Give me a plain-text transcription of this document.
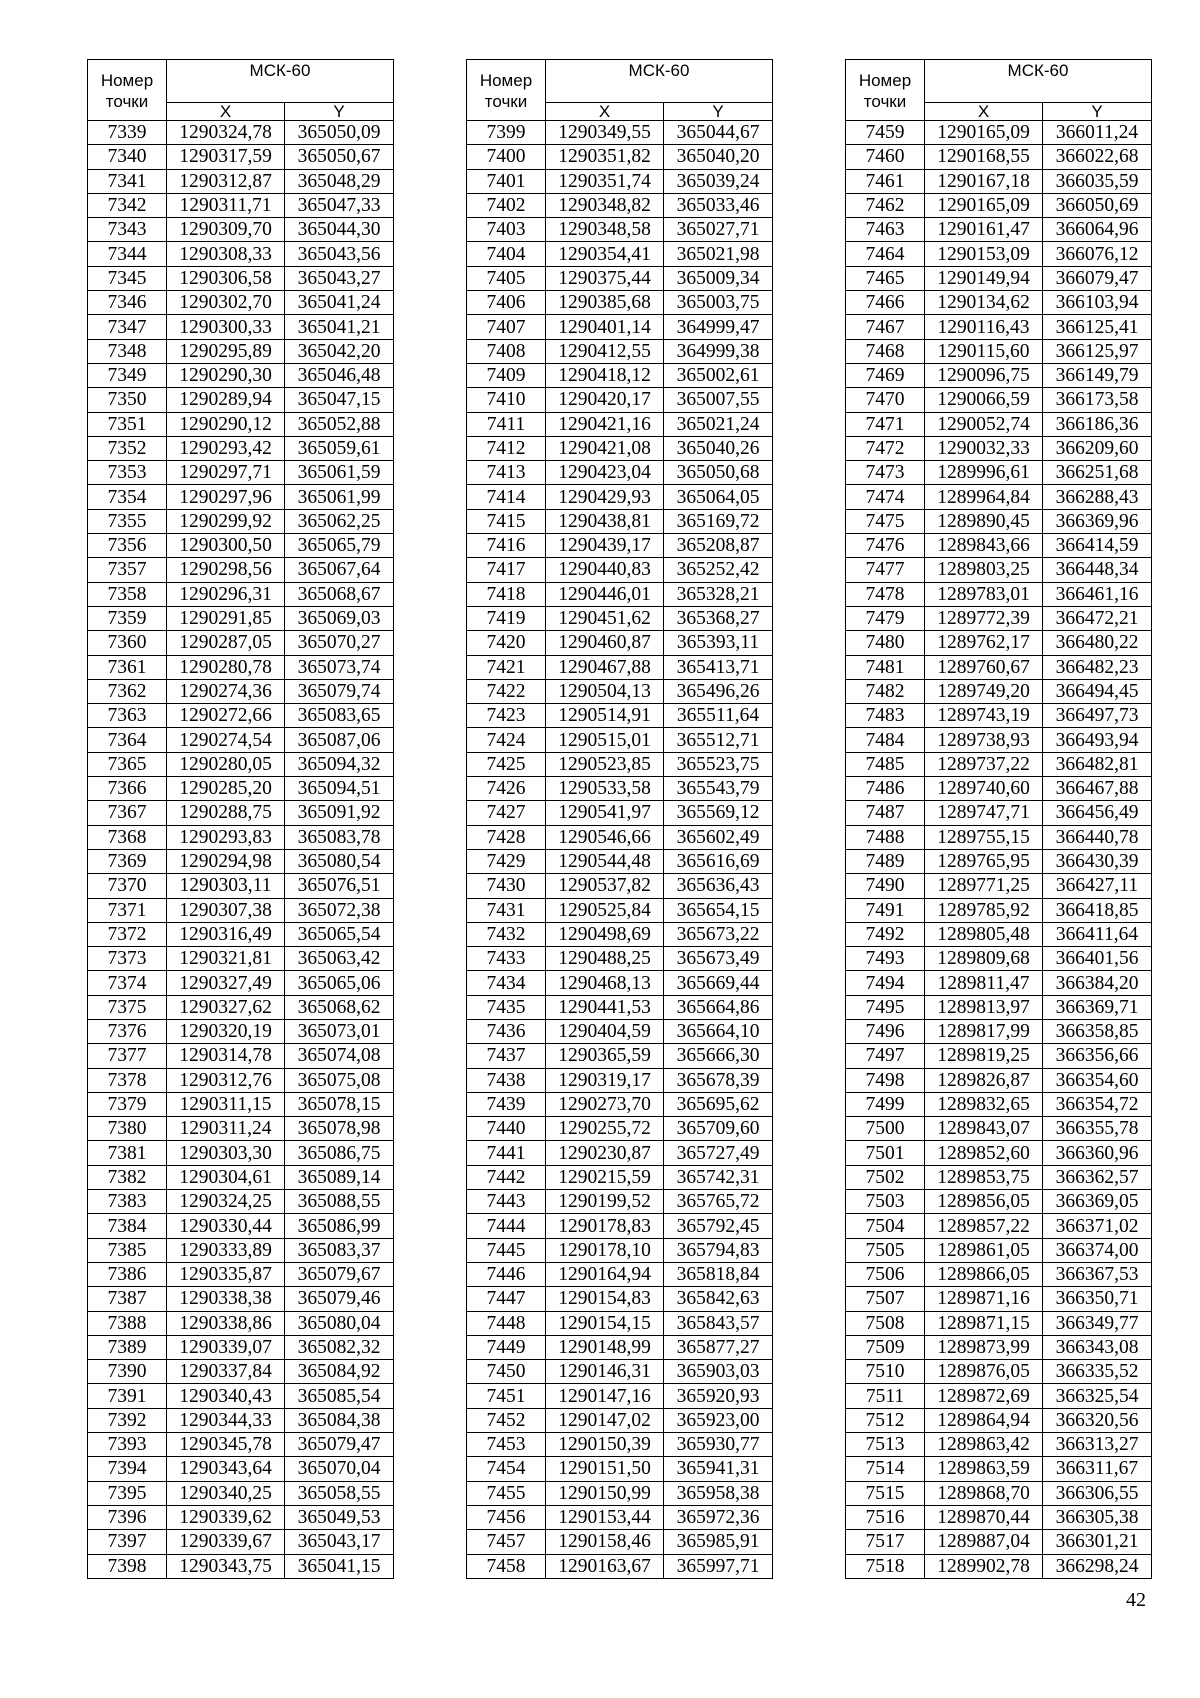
Номер
точки	МСК-60	
	X	Y
7339	1290324,78	365050,09
7340	1290317,59	365050,67
7341	1290312,87	365048,29
7342	1290311,71	365047,33
7343	1290309,70	365044,30
7344	1290308,33	365043,56
7345	1290306,58	365043,27
7346	1290302,70	365041,24
7347	1290300,33	365041,21
7348	1290295,89	365042,20
7349	1290290,30	365046,48
7350	1290289,94	365047,15
7351	1290290,12	365052,88
7352	1290293,42	365059,61
7353	1290297,71	365061,59
7354	1290297,96	365061,99
7355	1290299,92	365062,25
7356	1290300,50	365065,79
7357	1290298,56	365067,64
7358	1290296,31	365068,67
7359	1290291,85	365069,03
7360	1290287,05	365070,27
7361	1290280,78	365073,74
7362	1290274,36	365079,74
7363	1290272,66	365083,65
7364	1290274,54	365087,06
7365	1290280,05	365094,32
7366	1290285,20	365094,51
7367	1290288,75	365091,92
7368	1290293,83	365083,78
7369	1290294,98	365080,54
7370	1290303,11	365076,51
7371	1290307,38	365072,38
7372	1290316,49	365065,54
7373	1290321,81	365063,42
7374	1290327,49	365065,06
7375	1290327,62	365068,62
7376	1290320,19	365073,01
7377	1290314,78	365074,08
7378	1290312,76	365075,08
7379	1290311,15	365078,15
7380	1290311,24	365078,98
7381	1290303,30	365086,75
7382	1290304,61	365089,14
7383	1290324,25	365088,55
7384	1290330,44	365086,99
7385	1290333,89	365083,37
7386	1290335,87	365079,67
7387	1290338,38	365079,46
7388	1290338,86	365080,04
7389	1290339,07	365082,32
7390	1290337,84	365084,92
7391	1290340,43	365085,54
7392	1290344,33	365084,38
7393	1290345,78	365079,47
7394	1290343,64	365070,04
7395	1290340,25	365058,55
7396	1290339,62	365049,53
7397	1290339,67	365043,17
7398	1290343,75	365041,15
Номер
точки	МСК-60	
	X	Y
7399	1290349,55	365044,67
7400	1290351,82	365040,20
7401	1290351,74	365039,24
7402	1290348,82	365033,46
7403	1290348,58	365027,71
7404	1290354,41	365021,98
7405	1290375,44	365009,34
7406	1290385,68	365003,75
7407	1290401,14	364999,47
7408	1290412,55	364999,38
7409	1290418,12	365002,61
7410	1290420,17	365007,55
7411	1290421,16	365021,24
7412	1290421,08	365040,26
7413	1290423,04	365050,68
7414	1290429,93	365064,05
7415	1290438,81	365169,72
7416	1290439,17	365208,87
7417	1290440,83	365252,42
7418	1290446,01	365328,21
7419	1290451,62	365368,27
7420	1290460,87	365393,11
7421	1290467,88	365413,71
7422	1290504,13	365496,26
7423	1290514,91	365511,64
7424	1290515,01	365512,71
7425	1290523,85	365523,75
7426	1290533,58	365543,79
7427	1290541,97	365569,12
7428	1290546,66	365602,49
7429	1290544,48	365616,69
7430	1290537,82	365636,43
7431	1290525,84	365654,15
7432	1290498,69	365673,22
7433	1290488,25	365673,49
7434	1290468,13	365669,44
7435	1290441,53	365664,86
7436	1290404,59	365664,10
7437	1290365,59	365666,30
7438	1290319,17	365678,39
7439	1290273,70	365695,62
7440	1290255,72	365709,60
7441	1290230,87	365727,49
7442	1290215,59	365742,31
7443	1290199,52	365765,72
7444	1290178,83	365792,45
7445	1290178,10	365794,83
7446	1290164,94	365818,84
7447	1290154,83	365842,63
7448	1290154,15	365843,57
7449	1290148,99	365877,27
7450	1290146,31	365903,03
7451	1290147,16	365920,93
7452	1290147,02	365923,00
7453	1290150,39	365930,77
7454	1290151,50	365941,31
7455	1290150,99	365958,38
7456	1290153,44	365972,36
7457	1290158,46	365985,91
7458	1290163,67	365997,71
Номер
точки	МСК-60	
	X	Y
7459	1290165,09	366011,24
7460	1290168,55	366022,68
7461	1290167,18	366035,59
7462	1290165,09	366050,69
7463	1290161,47	366064,96
7464	1290153,09	366076,12
7465	1290149,94	366079,47
7466	1290134,62	366103,94
7467	1290116,43	366125,41
7468	1290115,60	366125,97
7469	1290096,75	366149,79
7470	1290066,59	366173,58
7471	1290052,74	366186,36
7472	1290032,33	366209,60
7473	1289996,61	366251,68
7474	1289964,84	366288,43
7475	1289890,45	366369,96
7476	1289843,66	366414,59
7477	1289803,25	366448,34
7478	1289783,01	366461,16
7479	1289772,39	366472,21
7480	1289762,17	366480,22
7481	1289760,67	366482,23
7482	1289749,20	366494,45
7483	1289743,19	366497,73
7484	1289738,93	366493,94
7485	1289737,22	366482,81
7486	1289740,60	366467,88
7487	1289747,71	366456,49
7488	1289755,15	366440,78
7489	1289765,95	366430,39
7490	1289771,25	366427,11
7491	1289785,92	366418,85
7492	1289805,48	366411,64
7493	1289809,68	366401,56
7494	1289811,47	366384,20
7495	1289813,97	366369,71
7496	1289817,99	366358,85
7497	1289819,25	366356,66
7498	1289826,87	366354,60
7499	1289832,65	366354,72
7500	1289843,07	366355,78
7501	1289852,60	366360,96
7502	1289853,75	366362,57
7503	1289856,05	366369,05
7504	1289857,22	366371,02
7505	1289861,05	366374,00
7506	1289866,05	366367,53
7507	1289871,16	366350,71
7508	1289871,15	366349,77
7509	1289873,99	366343,08
7510	1289876,05	366335,52
7511	1289872,69	366325,54
7512	1289864,94	366320,56
7513	1289863,42	366313,27
7514	1289863,59	366311,67
7515	1289868,70	366306,55
7516	1289870,44	366305,38
7517	1289887,04	366301,21
7518	1289902,78	366298,24
42
